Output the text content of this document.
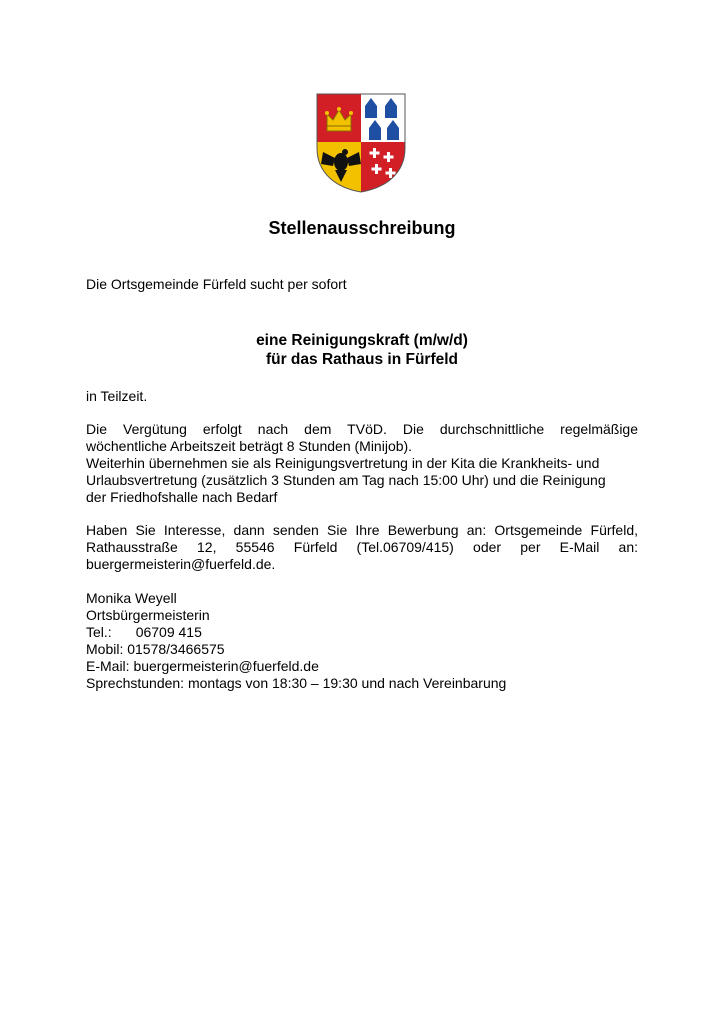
Stellenausschreibung
Die Ortsgemeinde Fürfeld sucht per sofort
eine Reinigungskraft (m/w/d)
für das Rathaus in Fürfeld
in Teilzeit.
Die Vergütung erfolgt nach dem TVöD. Die durchschnittliche regelmäßige
wöchentliche Arbeitszeit beträgt 8 Stunden (Minijob).
Weiterhin übernehmen sie als Reinigungsvertretung in der Kita die Krankheits- und
Urlaubsvertretung (zusätzlich 3 Stunden am Tag nach 15:00 Uhr) und die Reinigung
der Friedhofshalle nach Bedarf
Haben Sie Interesse, dann senden Sie Ihre Bewerbung an: Ortsgemeinde Fürfeld,
Rathausstraße 12, 55546 Fürfeld (Tel.06709/415) oder per E-Mail an:
buergermeisterin@fuerfeld.de.
Monika Weyell
Ortsbürgermeisterin
Tel.: 06709 415
Mobil: 01578/3466575
E-Mail: buergermeisterin@fuerfeld.de
Sprechstunden: montags von 18:30 – 19:30 und nach Vereinbarung
